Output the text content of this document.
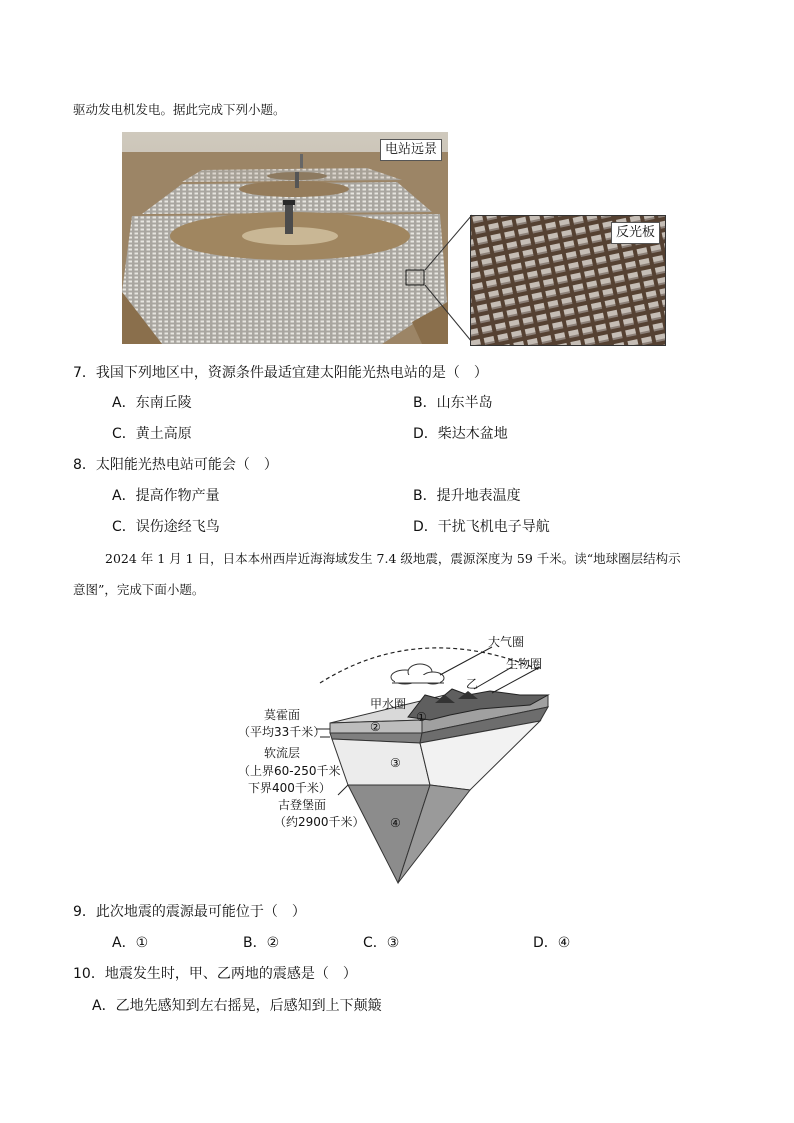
驱动发电机发电。据此完成下列小题。
电站远景
反光板
7．我国下列地区中，资源条件最适宜建太阳能光热电站的是（　）
A．东南丘陵	B．山东半岛
C．黄土高原	D．柴达木盆地
8．太阳能光热电站可能会（　）
A．提高作物产量	B．提升地表温度
C．误伤途经飞鸟	D．干扰飞机电子导航
2024 年 1 月 1 日，日本本州西岸近海海域发生 7.4 级地震，震源深度为 59 千米。读“地球圈层结构示
意图”，完成下面小题。
大气圈
生物圈
乙
甲 水圈
①
②
③
④
莫霍面
（平均33千米）
软流层
（上界60-250千米
下界400千米）
古登堡面
（约2900千米）
9．此次地震的震源最可能位于（　）
A．①	B．②	C．③	D．④
10．地震发生时，甲、乙两地的震感是（　）
A．乙地先感知到左右摇晃，后感知到上下颠簸
